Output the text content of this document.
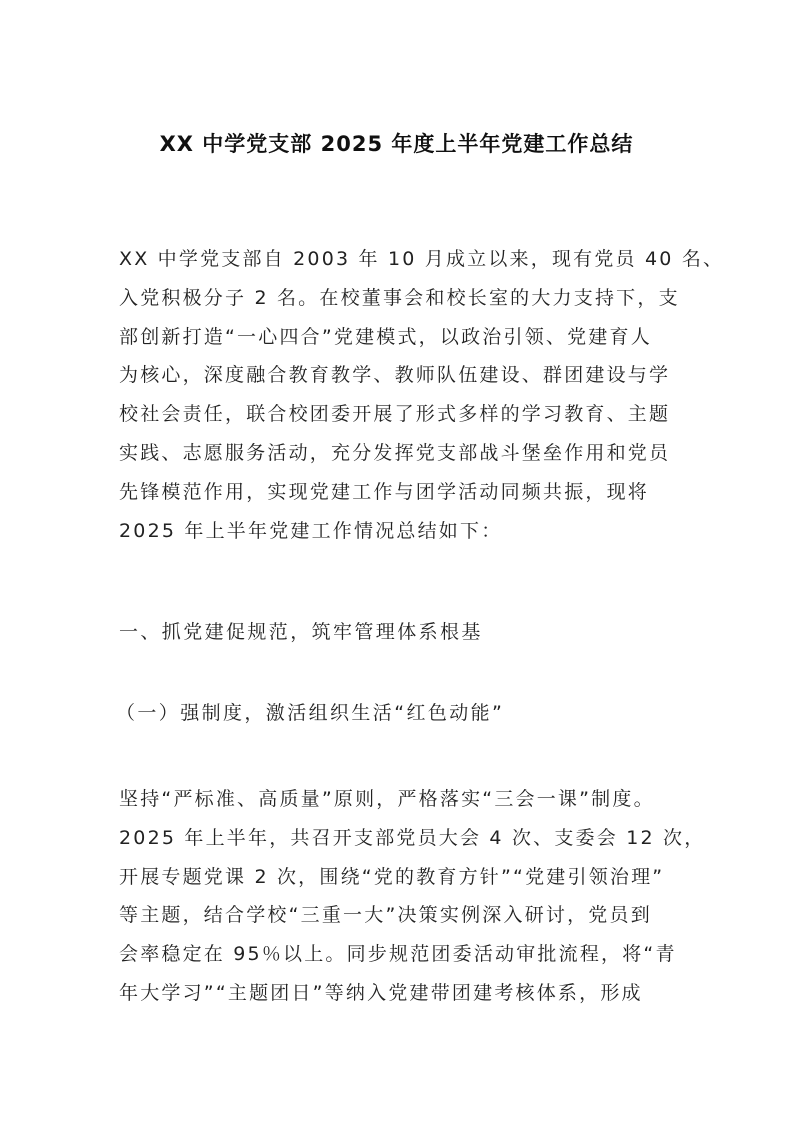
XX 中学党支部 2025 年度上半年党建工作总结
XX 中学党支部自 2003 年 10 月成立以来，现有党员 40 名、
入党积极分子 2 名。在校董事会和校长室的大力支持下，支
部创新打造“一心四合”党建模式，以政治引领、党建育人
为核心，深度融合教育教学、教师队伍建设、群团建设与学
校社会责任，联合校团委开展了形式多样的学习教育、主题
实践、志愿服务活动，充分发挥党支部战斗堡垒作用和党员
先锋模范作用，实现党建工作与团学活动同频共振，现将
2025 年上半年党建工作情况总结如下：
一、抓党建促规范，筑牢管理体系根基
（一）强制度，激活组织生活“红色动能”
坚持“严标准、高质量”原则，严格落实“三会一课”制度。
2025 年上半年，共召开支部党员大会 4 次、支委会 12 次，
开展专题党课 2 次，围绕“党的教育方针”“党建引领治理”
等主题，结合学校“三重一大”决策实例深入研讨，党员到
会率稳定在 95％以上。同步规范团委活动审批流程，将“青
年大学习”“主题团日”等纳入党建带团建考核体系，形成
